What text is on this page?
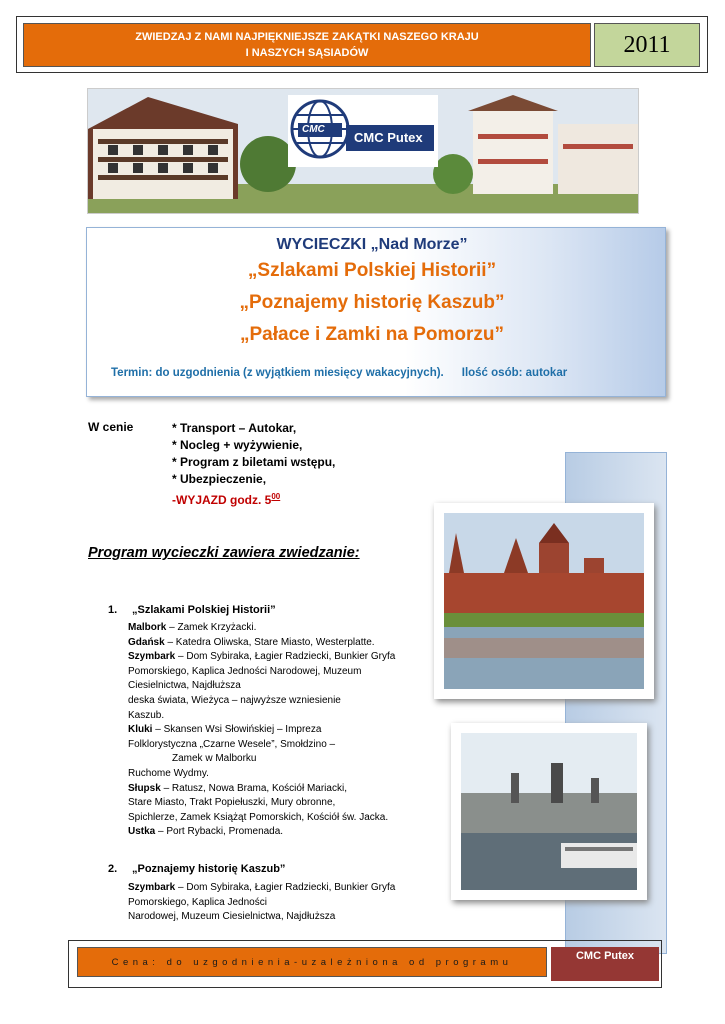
ZWIEDZAJ Z NAMI NAJPIĘKNIEJSZE ZAKĄTKI NASZEGO KRAJU
I NASZYCH SĄSIADÓW	2011
CMC
CMC Putex
WYCIECZKI „Nad Morze”
„Szlakami Polskiej Historii”
„Poznajemy historię Kaszub”
„Pałace i Zamki na Pomorzu”
Termin: do uzgodnienia (z wyjątkiem miesięcy wakacyjnych). Ilość osób: autokar
W cenie	* Transport – Autokar,
* Nocleg + wyżywienie,
* Program z biletami wstępu,
* Ubezpieczenie,
-WYJAZD godz. $5^{00}$
Program wycieczki zawiera zwiedzanie:
1. „Szlakami Polskiej Historii”
Malbork – Zamek Krzyżacki.
Gdańsk – Katedra Oliwska, Stare Miasto, Westerplatte.
Szymbark – Dom Sybiraka, Łagier Radziecki, Bunkier Gryfa
Pomorskiego, Kaplica Jedności Narodowej, Muzeum
Ciesielnictwa, Najdłuższa
deska świata, Wieżyca – najwyższe wzniesienie
Kaszub.
Kluki – Skansen Wsi Słowińskiej – Impreza
Folklorystyczna „Czarne Wesele”, Smołdzino –
Zamek w Malborku
Ruchome Wydmy.
Słupsk – Ratusz, Nowa Brama, Kościół Mariacki,
Stare Miasto, Trakt Popiełuszki, Mury obronne,
Spichlerze, Zamek Książąt Pomorskich, Kościół św. Jacka.
Ustka – Port Rybacki, Promenada.
2. „Poznajemy historię Kaszub”
Szymbark – Dom Sybiraka, Łagier Radziecki, Bunkier Gryfa
Pomorskiego, Kaplica Jedności
Narodowej, Muzeum Ciesielnictwa, Najdłuższa
Cena: do uzgodnienia-uzależniona od programu	CMC Putex
